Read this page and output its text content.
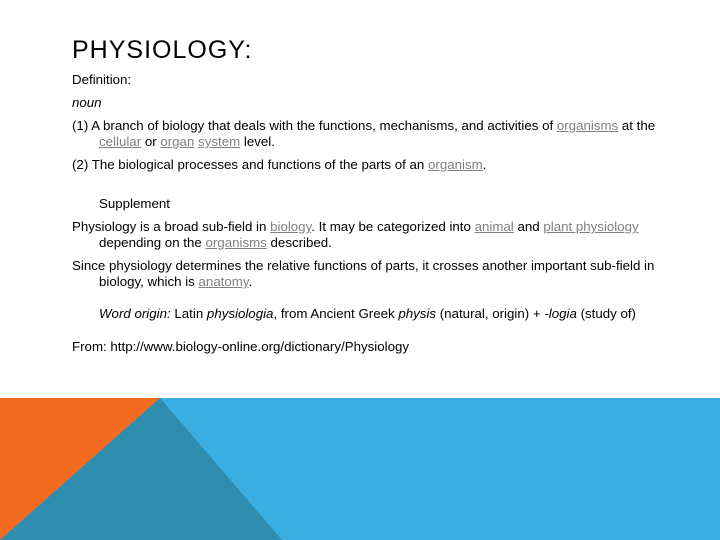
PHYSIOLOGY:

Definition:

noun

(1) A branch of biology that deals with the functions, mechanisms, and activities of organisms at the cellular or organ system level.

(2) The biological processes and functions of the parts of an organism.

Supplement

Physiology is a broad sub-field in biology. It may be categorized into animal and plant physiology depending on the organisms described.

Since physiology determines the relative functions of parts, it crosses another important sub-field in biology, which is anatomy.

Word origin: Latin physiologia, from Ancient Greek physis (natural, origin) + -logia (study of)

From: http://www.biology-online.org/dictionary/Physiology
